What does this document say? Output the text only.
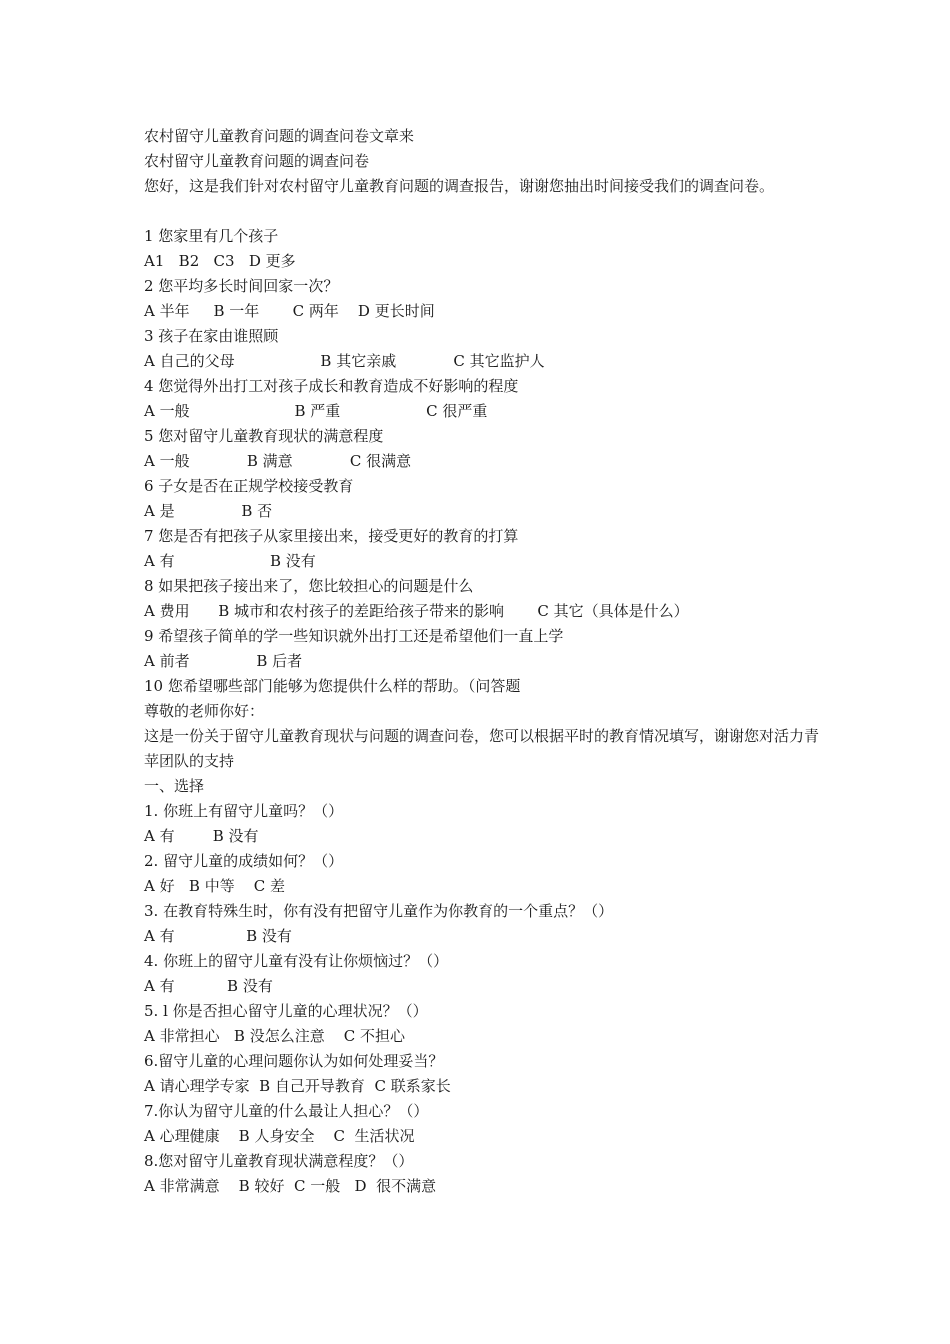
农村留守儿童教育问题的调查问卷文章来
农村留守儿童教育问题的调查问卷
您好，这是我们针对农村留守儿童教育问题的调查报告，谢谢您抽出时间接受我们的调查问卷。
1 您家里有几个孩子
A1   B2   C3   D 更多
2 您平均多长时间回家一次？
A 半年     B 一年       C 两年    D 更长时间
3 孩子在家由谁照顾
A 自己的父母                  B 其它亲戚            C 其它监护人
4 您觉得外出打工对孩子成长和教育造成不好影响的程度
A 一般                      B 严重                  C 很严重
5 您对留守儿童教育现状的满意程度
A 一般            B 满意            C 很满意
6 子女是否在正规学校接受教育
A 是              B 否
7 您是否有把孩子从家里接出来，接受更好的教育的打算
A 有                    B 没有
8 如果把孩子接出来了，您比较担心的问题是什么
A 费用      B 城市和农村孩子的差距给孩子带来的影响       C 其它（具体是什么）
9 希望孩子简单的学一些知识就外出打工还是希望他们一直上学
A 前者              B 后者
10 您希望哪些部门能够为您提供什么样的帮助。（问答题
尊敬的老师你好：
这是一份关于留守儿童教育现状与问题的调查问卷，您可以根据平时的教育情况填写，谢谢您对活力青苹团队的支持
一、选择
1. 你班上有留守儿童吗？（）
A 有        B 没有
2. 留守儿童的成绩如何？（）
A 好   B 中等    C 差
3. 在教育特殊生时，你有没有把留守儿童作为你教育的一个重点？（）
A 有               B 没有
4. 你班上的留守儿童有没有让你烦恼过？（）
A 有           B 没有
5. l 你是否担心留守儿童的心理状况？（）
A 非常担心   B 没怎么注意    C 不担心
6.留守儿童的心理问题你认为如何处理妥当？
A 请心理学专家  B 自己开导教育  C 联系家长
7.你认为留守儿童的什么最让人担心？（）
A 心理健康    B 人身安全    C  生活状况
8.您对留守儿童教育现状满意程度？（）
A 非常满意    B 较好  C 一般   D  很不满意
